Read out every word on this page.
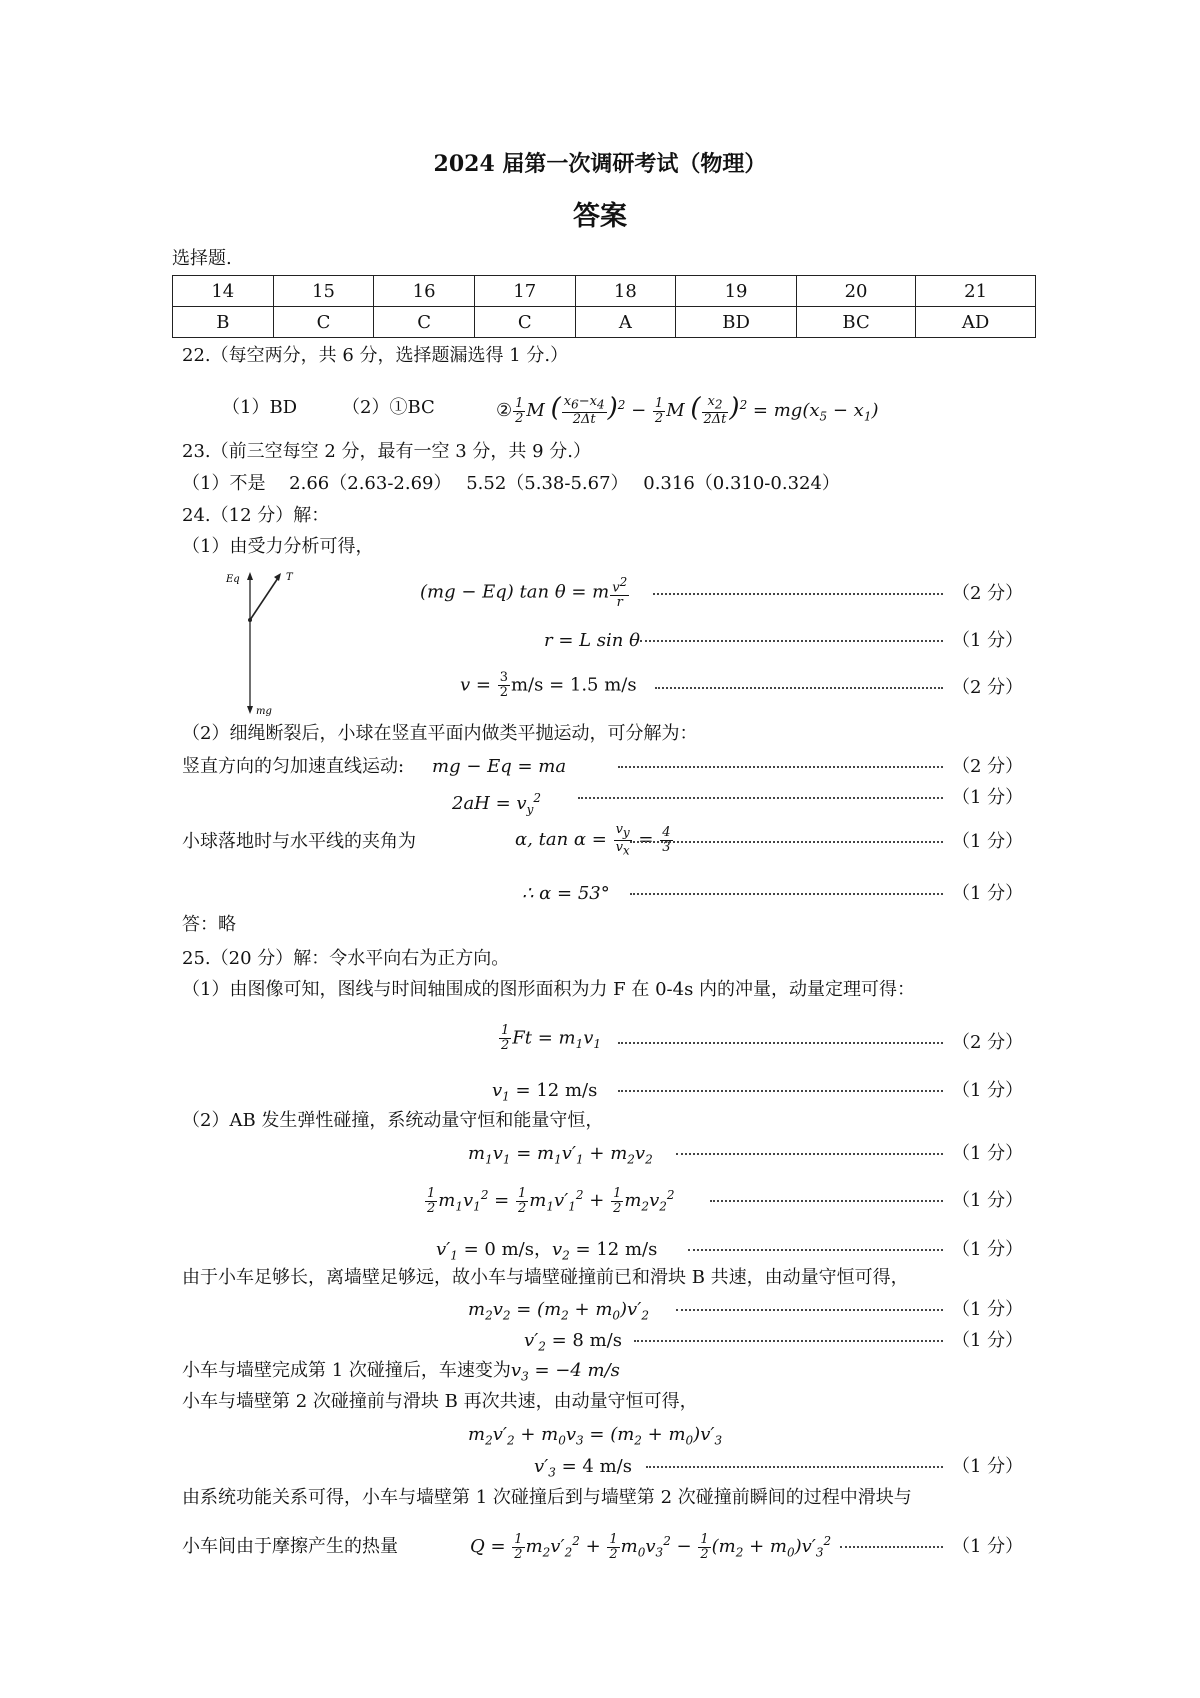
2024 届第一次调研考试（物理）
答案
选择题.
14	15	16	17	18	19	20	21
B	C	C	C	A	BD	BC	AD
22.（每空两分，共 6 分，选择题漏选得 1 分.）
（1）BD （2）①BC	② $\frac{1}{2}$ M ( $\frac{x_6-x_4}{2\Delta t} )^2 - \frac{1}{2}$ M ( $\frac{x_2}{2\Delta t} )^2 = mg(x_5 - x_1)$
23.（前三空每空 2 分，最有一空 3 分，共 9 分.）
（1）不是　 2.66（2.63-2.69）　 5.52（5.38-5.67）　 0.316（0.310-0.324）
24.（12 分）解：
（1）由受力分析可得，
Eq	T
mg
(mg − Eq) tan θ = m $\frac{v^2}{r}$	（2 分）
r = L sin θ	（1 分）
$v = \frac{3}{2} m/s = 1.5$ m/s	（2 分）
（2）细绳断裂后，小球在竖直平面内做类平抛运动，可分解为：
竖直方向的匀加速直线运动: mg − Eq = ma	（2 分）
$2aH = v_y^2$	（1 分）
小球落地时与水平线的夹角为	α, $\tan \alpha = \frac{v_y}{v_x} = \frac{4}{3}$	（1 分）
∴ α = 53°	（1 分）
答：略
25.（20 分）解：令水平向右为正方向。
（1）由图像可知，图线与时间轴围成的图形面积为力 F 在 0-4s 内的冲量，动量定理可得：
$\frac{1}{2}$ $Ft = m_1v_1$	（2 分）
$v_1 = 12$ m/s	（1 分）
（2）AB 发生弹性碰撞，系统动量守恒和能量守恒，
$m_1v_1 = m_1v'_1 + m_2v_2$	（1 分）
$\frac{1}{2} m_1v_1^2 = \frac{1}{2} m_1v'_1^2 + \frac{1}{2} m_2v_2^2$	（1 分）
$v'_1 = 0$ m/s，$v_2 = 12$ m/s	（1 分）
由于小车足够长，离墙壁足够远，故小车与墙壁碰撞前已和滑块 B 共速，由动量守恒可得，
$m_2v_2 = (m_2 + m_0)v'_2$	（1 分）
$v'_2 = 8$ m/s	（1 分）
小车与墙壁完成第 1 次碰撞后，车速变为$v_3 = -4$ m/s
小车与墙壁第 2 次碰撞前与滑块 B 再次共速，由动量守恒可得，
$m_2v'_2 + m_0v_3 = (m_2 + m_0)v'_3$
$v'_3 = 4$ m/s	（1 分）
由系统功能关系可得，小车与墙壁第 1 次碰撞后到与墙壁第 2 次碰撞前瞬间的过程中滑块与
小车间由于摩擦产生的热量	$Q = \frac{1}{2} m_2v'_2^2 + \frac{1}{2} m_0v_3^2 - \frac{1}{2} (m_2 + m_0)v'_3^2$	（1 分）
